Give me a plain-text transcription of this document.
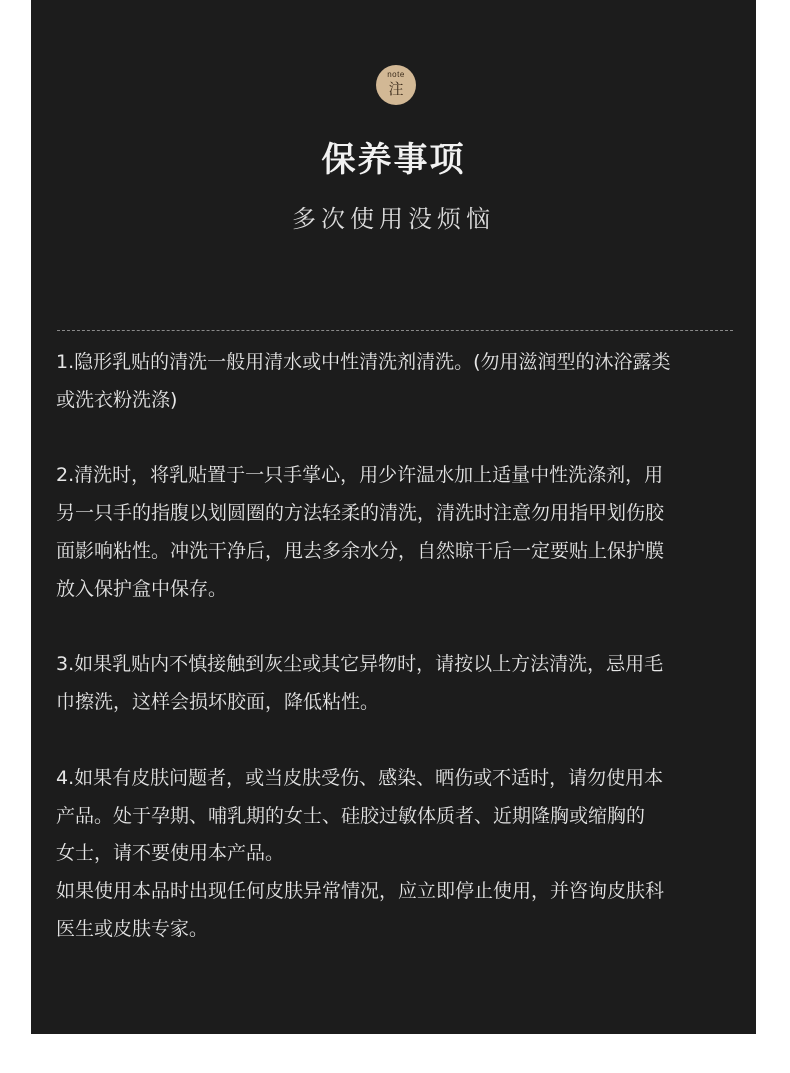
note
注
保养事项
多次使用没烦恼

1.隐形乳贴的清洗一般用清水或中性清洗剂清洗。(勿用滋润型的沐浴露类
或洗衣粉洗涤)

2.清洗时，将乳贴置于一只手掌心，用少许温水加上适量中性洗涤剂，用
另一只手的指腹以划圆圈的方法轻柔的清洗，清洗时注意勿用指甲划伤胶
面影响粘性。冲洗干净后，甩去多余水分，自然晾干后一定要贴上保护膜
放入保护盒中保存。

3.如果乳贴内不慎接触到灰尘或其它异物时，请按以上方法清洗，忌用毛
巾擦洗，这样会损坏胶面，降低粘性。

4.如果有皮肤问题者，或当皮肤受伤、感染、晒伤或不适时，请勿使用本
产品。处于孕期、哺乳期的女士、硅胶过敏体质者、近期隆胸或缩胸的
女士，请不要使用本产品。
如果使用本品时出现任何皮肤异常情况，应立即停止使用，并咨询皮肤科
医生或皮肤专家。
